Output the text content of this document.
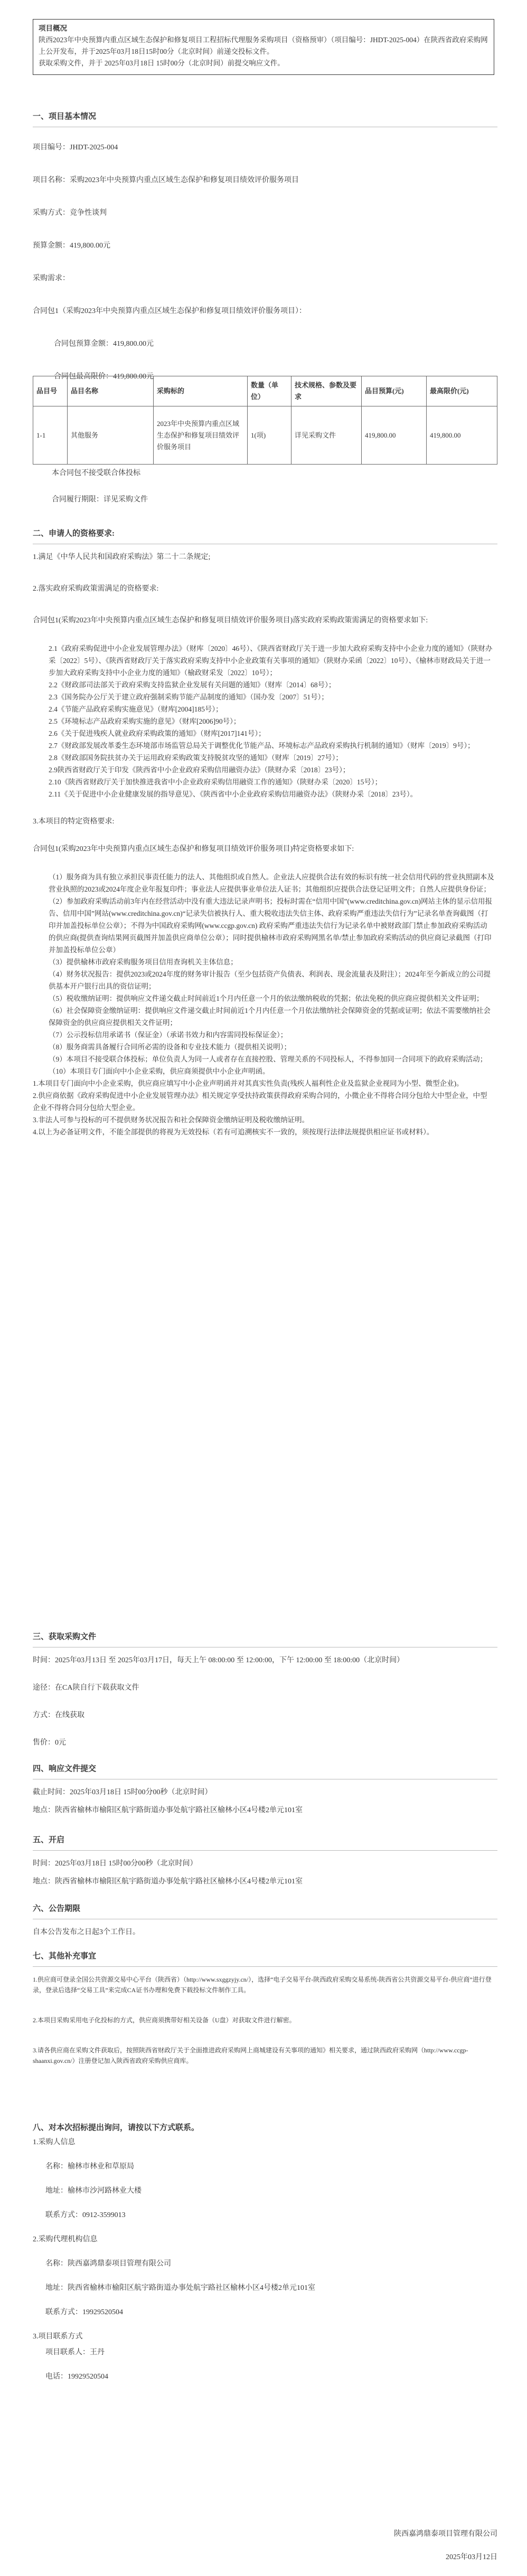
项目概况
陕西2023年中央预算内重点区域生态保护和修复项目工程招标代理服务采购项目（资格预审）（项目编号：JHDT-2025-004）在陕西省政府采购网上公开发布，并于2025年03月18日15时00分（北京时间）前递交投标文件。
获取采购文件，并于 2025年03月18日 15时00分（北京时间）前提交响应文件。
一、项目基本情况
项目编号：JHDT-2025-004
项目名称：采购2023年中央预算内重点区域生态保护和修复项目绩效评价服务项目
采购方式：竞争性谈判
预算金额：419,800.00元
采购需求：
合同包1（采购2023年中央预算内重点区域生态保护和修复项目绩效评价服务项目）：
合同包预算金额：419,800.00元
合同包最高限价：419,800.00元
品目号	品目名称	采购标的	数量（单位）	技术规格、参数及要求	品目预算(元)	最高限价(元)
1-1	其他服务	2023年中央预算内重点区域生态保护和修复项目绩效评价服务项目	1(项)	详见采购文件	419,800.00	419,800.00
本合同包不接受联合体投标
合同履行期限：详见采购文件
二、申请人的资格要求:
1.满足《中华人民共和国政府采购法》第二十二条规定;
2.落实政府采购政策需满足的资格要求:
合同包1(采购2023年中央预算内重点区域生态保护和修复项目绩效评价服务项目)落实政府采购政策需满足的资格要求如下:
2.1《政府采购促进中小企业发展管理办法》（财库〔2020〕46号）、《陕西省财政厅关于进一步加大政府采购支持中小企业力度的通知》（陕财办采〔2022〕5号）、《陕西省财政厅关于落实政府采购支持中小企业政策有关事项的通知》（陕财办采函〔2022〕10号）、《榆林市财政局关于进一步加大政府采购支持中小企业力度的通知》（榆政财采发〔2022〕10号）；
2.2《财政部司法部关于政府采购支持监狱企业发展有关问题的通知》（财库〔2014〕68号）；
2.3《国务院办公厅关于建立政府强制采购节能产品制度的通知》（国办发〔2007〕51号）；
2.4《节能产品政府采购实施意见》（财库[2004]185号）；
2.5《环境标志产品政府采购实施的意见》（财库[2006]90号）；
2.6《关于促进残疾人就业政府采购政策的通知》（财库[2017]141号）；
2.7《财政部发展改革委生态环境部市场监管总局关于调整优化节能产品、环境标志产品政府采购执行机制的通知》（财库〔2019〕9号）；
2.8《财政部国务院扶贫办关于运用政府采购政策支持脱贫攻坚的通知》（财库〔2019〕27号）；
2.9陕西省财政厅关于印发《陕西省中小企业政府采购信用融资办法》（陕财办采〔2018〕23号）；
2.10《陕西省财政厅关于加快推进我省中小企业政府采购信用融资工作的通知》（陕财办采〔2020〕15号）；
2.11《关于促进中小企业健康发展的指导意见》、《陕西省中小企业政府采购信用融资办法》（陕财办采〔2018〕23号）。
3.本项目的特定资格要求:
合同包1(采购2023年中央预算内重点区域生态保护和修复项目绩效评价服务项目)特定资格要求如下:
（1）服务商为具有独立承担民事责任能力的法人、其他组织或自然人。企业法人应提供合法有效的标识有统一社会信用代码的营业执照副本及营业执照的2023或2024年度企业年报复印件；事业法人应提供事业单位法人证书；其他组织应提供合法登记证明文件；自然人应提供身份证；
（2）参加政府采购活动前3年内在经营活动中没有重大违法记录声明书；投标时需在“信用中国”(www.creditchina.gov.cn)网站主体的显示信用报告、信用中国”网站(www.creditchina.gov.cn)“记录失信被执行人、重大税收违法失信主体、政府采购严重违法失信行为”记录名单查询截图（打印并加盖投标单位公章）；不得为中国政府采购网(www.ccgp.gov.cn) 政府采购严重违法失信行为记录名单中被财政部门禁止参加政府采购活动的供应商(提供查询结果网页截图并加盖供应商单位公章）；同时提供榆林市政府采购网黑名单/禁止参加政府采购活动的供应商记录截图（打印并加盖投标单位公章）
（3）提供榆林市政府采购服务项目信用查询机关主体信息；
（4）财务状况报告：提供2023或2024年度的财务审计报告（至少包括资产负债表、利润表、现金流量表及附注）；2024年至今新成立的公司提供基本开户银行出具的资信证明；
（5）税收缴纳证明：提供响应文件递交截止时间前近1个月内任意一个月的依法缴纳税收的凭据；依法免税的供应商应提供相关文件证明；
（6）社会保障资金缴纳证明：提供响应文件递交截止时间前近1个月内任意一个月依法缴纳社会保障资金的凭据或证明；依法不需要缴纳社会保障资金的供应商应提供相关文件证明；
（7）公示投标信用承诺书（保证金）（承诺书效力和内容需同投标保证金）；
（8）服务商需具备履行合同所必需的设备和专业技术能力（提供相关说明）；
（9）本项目不接受联合体投标；单位负责人为同一人或者存在直接控股、管理关系的不同投标人，不得参加同一合同项下的政府采购活动；
（10）本项目专门面向中小企业采购，供应商须提供中小企业声明函。
1.本项目专门面向中小企业采购，供应商应填写中小企业声明函并对其真实性负责(残疾人福利性企业及监狱企业视同为小型、微型企业)。
2.供应商依据《政府采购促进中小企业发展管理办法》相关规定享受扶持政策获得政府采购合同的，小微企业不得将合同分包给大中型企业，中型企业不得将合同分包给大型企业。
3.非法人可参与投标的可不提供财务状况报告和社会保障资金缴纳证明及税收缴纳证明。
4.以上为必备证明文件，不能全部提供的将视为无效投标（若有可追溯核实不一致的，须按现行法律法规提供相应证书或材料）。
三、获取采购文件
时间：2025年03月13日 至 2025年03月17日，每天上午 08:00:00 至 12:00:00，下午 12:00:00 至 18:00:00（北京时间）
途径：在CA陕自行下载获取文件
方式：在线获取
售价：0元
四、响应文件提交
截止时间：2025年03月18日 15时00分00秒（北京时间）
地点：陕西省榆林市榆阳区航宇路街道办事处航宇路社区榆林小区4号楼2单元101室
五、开启
时间：2025年03月18日 15时00分00秒（北京时间）
地点：陕西省榆林市榆阳区航宇路街道办事处航宇路社区榆林小区4号楼2单元101室
六、公告期限
自本公告发布之日起3个工作日。
七、其他补充事宜
1.供应商可登录全国公共资源交易中心平台（陕西省）（http://www.sxggzyjy.cn/），选择“电子交易平台-陕西政府采购交易系统-陕西省公共资源交易平台-供应商”进行登录，登录后选择“交易工具”来完成CA证书办理和免费下载投标文件制作工具。
2.本项目采购采用电子化投标的方式，供应商须携带好相关设备（U盘）对获取文件进行解密。
3.请各供应商在采购文件获取后，按照陕西省财政厅关于全面推进政府采购网上商城建设有关事项的通知》相关要求，通过陕西政府采购网（http://www.ccgp-shaanxi.gov.cn/）注册登记加入陕西省政府采购供应商库。
八、对本次招标提出询问，请按以下方式联系。
1.采购人信息
名称：榆林市林业和草原局
地址：榆林市沙河路林业大楼
联系方式：0912-3599013
2.采购代理机构信息
名称：陕西嘉鸿鼎泰项目管理有限公司
地址：陕西省榆林市榆阳区航宇路街道办事处航宇路社区榆林小区4号楼2单元101室
联系方式：19929520504
3.项目联系方式
项目联系人：王丹
电话：19929520504
陕西嘉鸿鼎泰项目管理有限公司
2025年03月12日
